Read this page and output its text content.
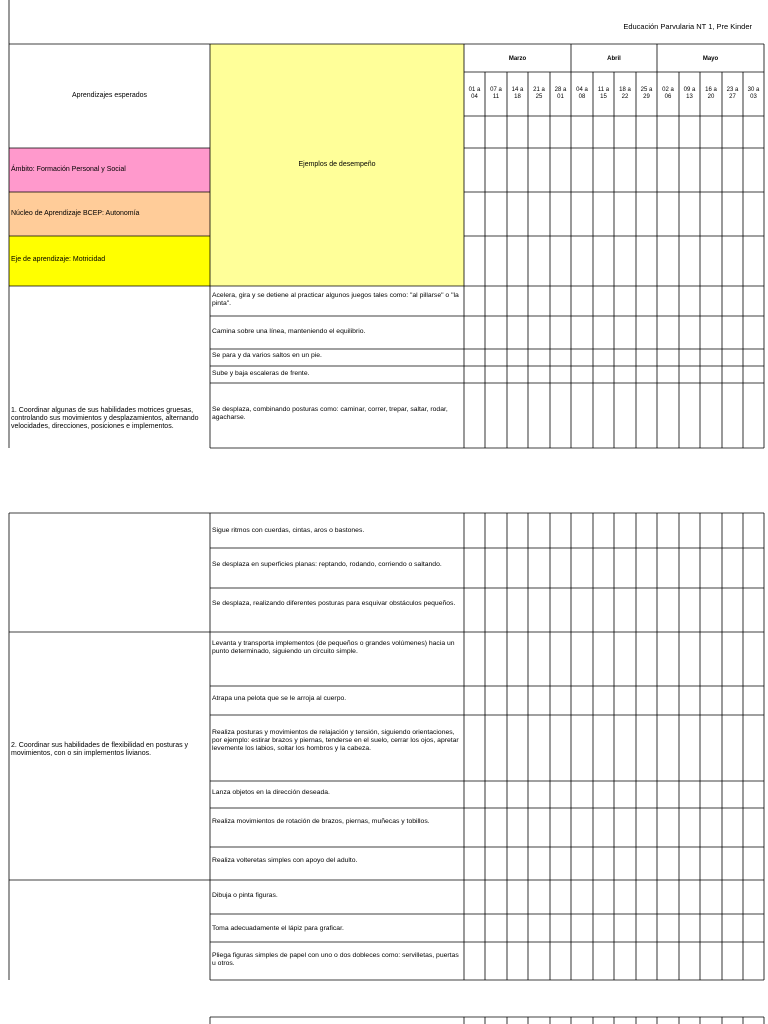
Educación Parvularia NT 1, Pre Kinder
Aprendizajes esperados
Ejemplos de desempeño
Marzo	Abril	Mayo
01 a
04
07 a
11
14 a
18
21 a
25
28 a
01
04 a
08
11 a
15
18 a
22
25 a
29
02 a
06
09 a
13
16 a
20
23 a
27
30 a
03
Ámbito: Formación Personal y Social
Núcleo de Aprendizaje BCEP: Autonomía
Eje de aprendizaje: Motricidad
1. Coordinar algunas de sus habilidades motrices gruesas, controlando sus movimientos y desplazamientos, alternando velocidades, direcciones, posiciones e implementos.
2. Coordinar sus habilidades de flexibilidad en posturas y movimientos, con o sin implementos livianos.
Acelera, gira y se detiene al practicar algunos juegos tales como: "al pillarse" o "la pinta".
Camina sobre una línea, manteniendo el equilibrio.
Se para y da varios saltos en un pie.
Sube y baja escaleras de frente.
Se desplaza, combinando posturas como: caminar, correr, trepar, saltar, rodar, agacharse.
Sigue ritmos con cuerdas, cintas, aros o bastones.
Se desplaza en superficies planas: reptando, rodando, corriendo o saltando.
Se desplaza, realizando diferentes posturas para esquivar obstáculos pequeños.
Levanta y transporta implementos (de pequeños o grandes volúmenes) hacia un punto determinado, siguiendo un circuito simple.
Atrapa una pelota que se le arroja al cuerpo.
Realiza posturas y movimientos de relajación y tensión, siguiendo orientaciones, por ejemplo: estirar brazos y piernas, tenderse en el suelo, cerrar los ojos, apretar levemente los labios, soltar los hombros y la cabeza.
Lanza objetos en la dirección deseada.
Realiza movimientos de rotación de brazos, piernas, muñecas y tobillos.
Realiza volteretas simples con apoyo del adulto.
Dibuja o pinta figuras.
Toma adecuadamente el lápiz para graficar.
Pliega figuras simples de papel con uno o dos dobleces como: servilletas, puertas u otros.
